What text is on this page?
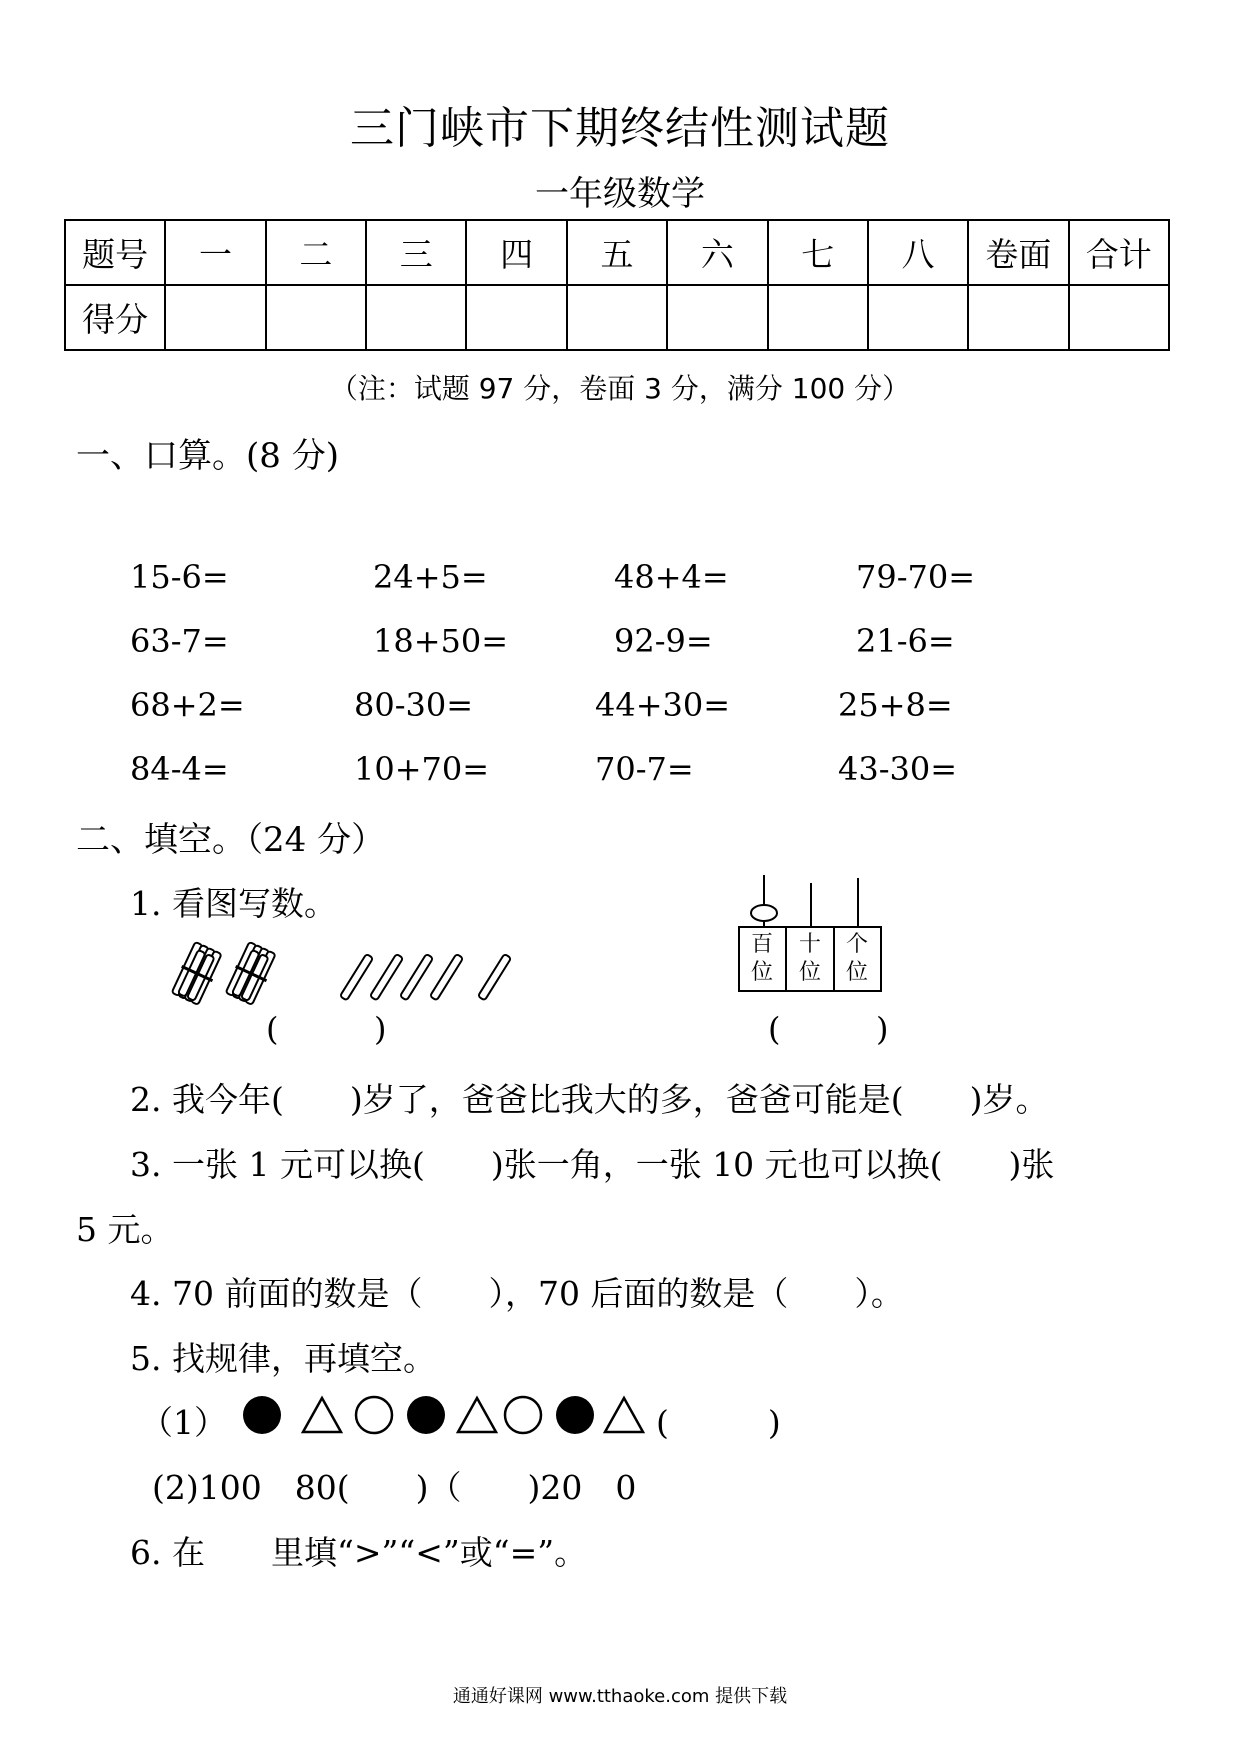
三门峡市下期终结性测试题
一年级数学
题号	一	二	三	四	五	六	七	八	卷面	合计
得分										
（注：试题 97 分，卷面 3 分，满分 100 分）
一、口算。(8 分)
15-6=	24+5=	48+4=	79-70=
63-7=	18+50=	92-9=	21-6=
68+2=	80-30=	44+30=	25+8=
84-4=	10+70=	70-7=	43-30=
二、填空。（24 分）
1. 看图写数。
(	)
百
位
十
位
个
位
(	)
2. 我今年(　　)岁了，爸爸比我大的多，爸爸可能是(　　)岁。
3. 一张 1 元可以换(　　)张一角，一张 10 元也可以换(　　)张
5 元。
4. 70 前面的数是（　　），70 后面的数是（　　）。
5. 找规律，再填空。
（1）	(　　　)
(2)100　80(　　)（　　)20　0
6. 在　　里填“>”“<”或“=”。
通通好课网 www.tthaoke.com 提供下载
